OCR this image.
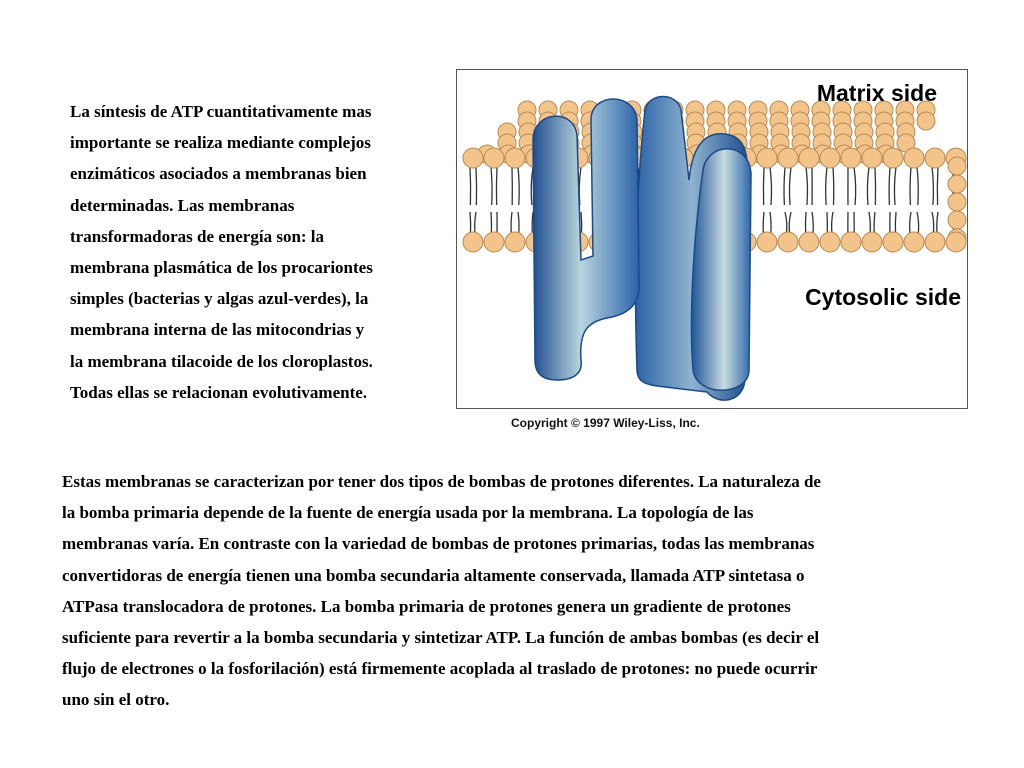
La síntesis de ATP cuantitativamente mas
importante se realiza mediante complejos
enzimáticos asociados a membranas bien
determinadas. Las membranas
transformadoras de energía son: la
membrana plasmática de los procariontes
simples (bacterias y algas azul-verdes), la
membrana interna de las mitocondrias y
la membrana tilacoide de los cloroplastos.
Todas ellas se relacionan evolutivamente.

Matrix side
Cytosolic side
Copyright © 1997 Wiley-Liss, Inc.

Estas membranas se caracterizan por tener dos tipos de bombas de protones diferentes. La naturaleza de
la bomba primaria depende de la fuente de energía usada por la membrana. La topología de las
membranas varía. En contraste con la variedad de bombas de protones primarias, todas las membranas
convertidoras de energía tienen una bomba secundaria altamente conservada, llamada ATP sintetasa o
ATPasa translocadora de protones. La bomba primaria de protones genera un gradiente de protones
suficiente para revertir a la bomba secundaria y sintetizar ATP. La función de ambas bombas (es decir el
flujo de electrones o la fosforilación) está firmemente acoplada al traslado de protones: no puede ocurrir
uno sin el otro.
